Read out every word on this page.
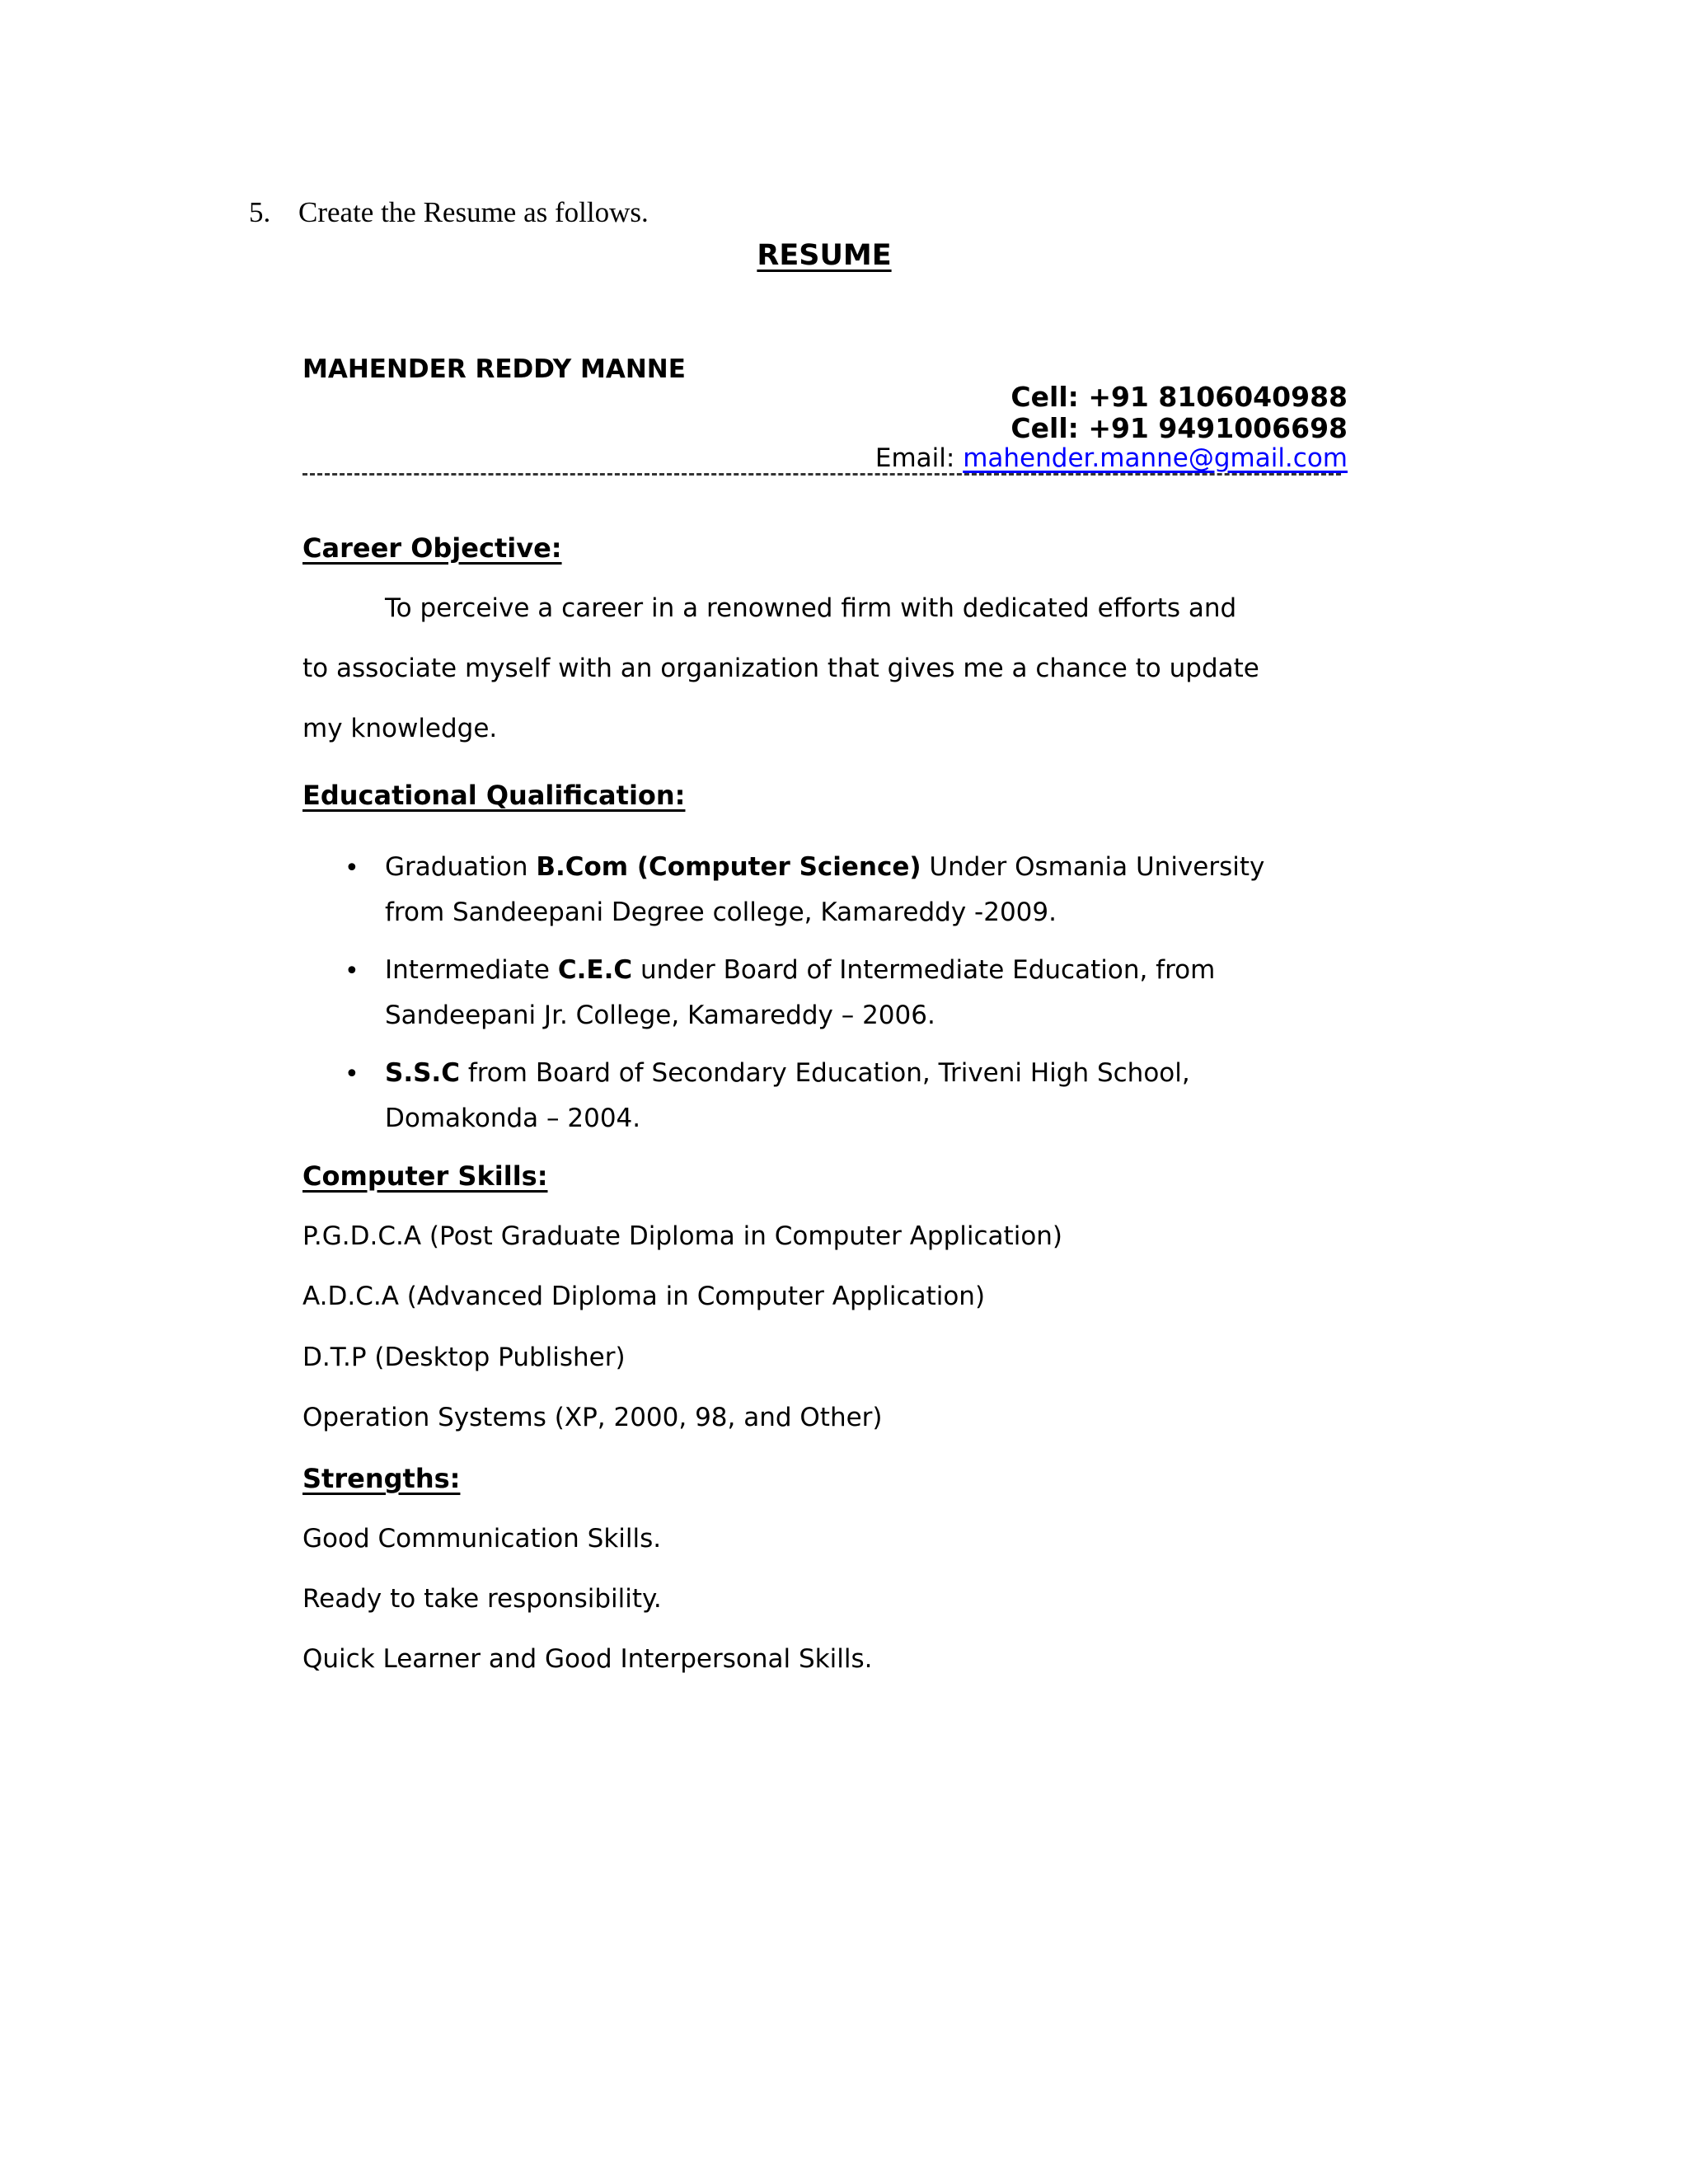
5. Create the Resume as follows.
RESUME
MAHENDER REDDY MANNE
Cell: +91 8106040988
Cell: +91 9491006698
Email: mahender.manne@gmail.com
Career Objective:
To perceive a career in a renowned firm with dedicated efforts and
to associate myself with an organization that gives me a chance to update
my knowledge.
Educational Qualification:
• Graduation B.Com (Computer Science) Under Osmania University
from Sandeepani Degree college, Kamareddy -2009.
• Intermediate C.E.C under Board of Intermediate Education, from
Sandeepani Jr. College, Kamareddy – 2006.
• S.S.C from Board of Secondary Education, Triveni High School,
Domakonda – 2004.
Computer Skills:
P.G.D.C.A (Post Graduate Diploma in Computer Application)
A.D.C.A (Advanced Diploma in Computer Application)
D.T.P (Desktop Publisher)
Operation Systems (XP, 2000, 98, and Other)
Strengths:
Good Communication Skills.
Ready to take responsibility.
Quick Learner and Good Interpersonal Skills.
